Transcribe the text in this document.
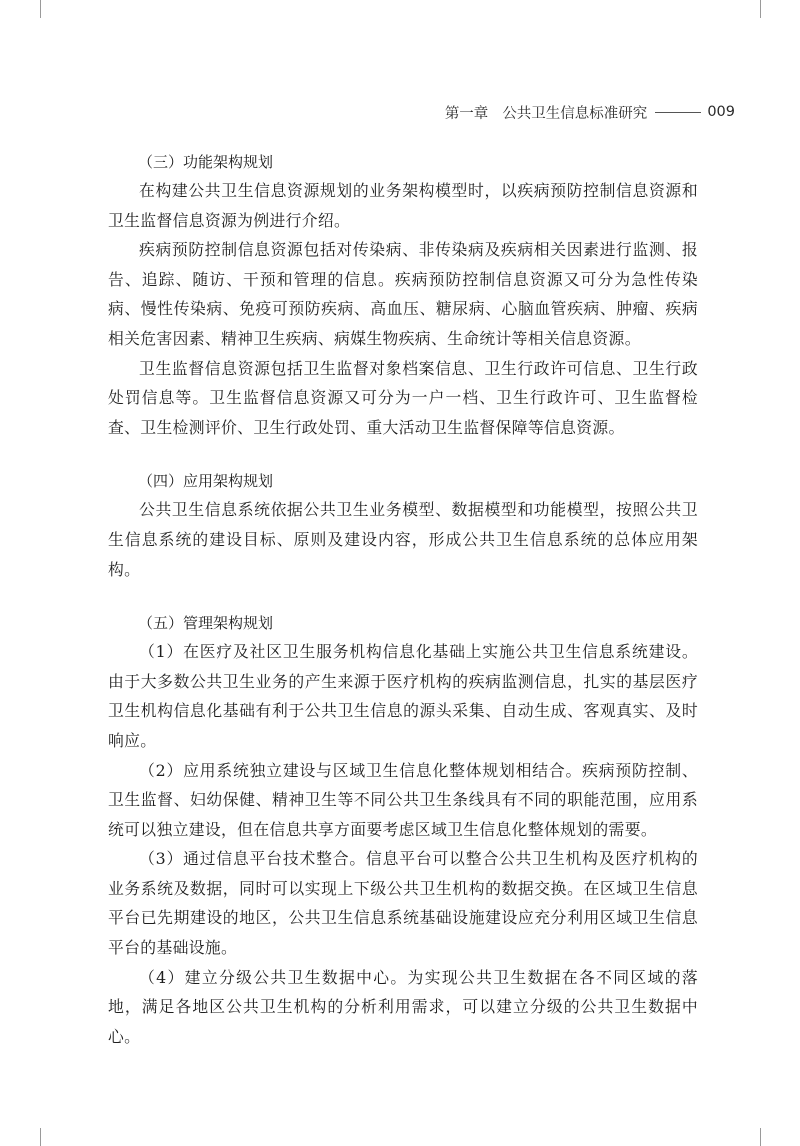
第一章 公共卫生信息标准研究	009
（三）功能架构规划

在构建公共卫生信息资源规划的业务架构模型时，以疾病预防控制信息资源和卫生监督信息资源为例进行介绍。

疾病预防控制信息资源包括对传染病、非传染病及疾病相关因素进行监测、报告、追踪、随访、干预和管理的信息。疾病预防控制信息资源又可分为急性传染病、慢性传染病、免疫可预防疾病、高血压、糖尿病、心脑血管疾病、肿瘤、疾病相关危害因素、精神卫生疾病、病媒生物疾病、生命统计等相关信息资源。

卫生监督信息资源包括卫生监督对象档案信息、卫生行政许可信息、卫生行政处罚信息等。卫生监督信息资源又可分为一户一档、卫生行政许可、卫生监督检查、卫生检测评价、卫生行政处罚、重大活动卫生监督保障等信息资源。

（四）应用架构规划

公共卫生信息系统依据公共卫生业务模型、数据模型和功能模型，按照公共卫生信息系统的建设目标、原则及建设内容，形成公共卫生信息系统的总体应用架构。

（五）管理架构规划

（1）在医疗及社区卫生服务机构信息化基础上实施公共卫生信息系统建设。由于大多数公共卫生业务的产生来源于医疗机构的疾病监测信息，扎实的基层医疗卫生机构信息化基础有利于公共卫生信息的源头采集、自动生成、客观真实、及时响应。

（2）应用系统独立建设与区域卫生信息化整体规划相结合。疾病预防控制、卫生监督、妇幼保健、精神卫生等不同公共卫生条线具有不同的职能范围，应用系统可以独立建设，但在信息共享方面要考虑区域卫生信息化整体规划的需要。

（3）通过信息平台技术整合。信息平台可以整合公共卫生机构及医疗机构的业务系统及数据，同时可以实现上下级公共卫生机构的数据交换。在区域卫生信息平台已先期建设的地区，公共卫生信息系统基础设施建设应充分利用区域卫生信息平台的基础设施。

（4）建立分级公共卫生数据中心。为实现公共卫生数据在各不同区域的落地，满足各地区公共卫生机构的分析利用需求，可以建立分级的公共卫生数据中心。
